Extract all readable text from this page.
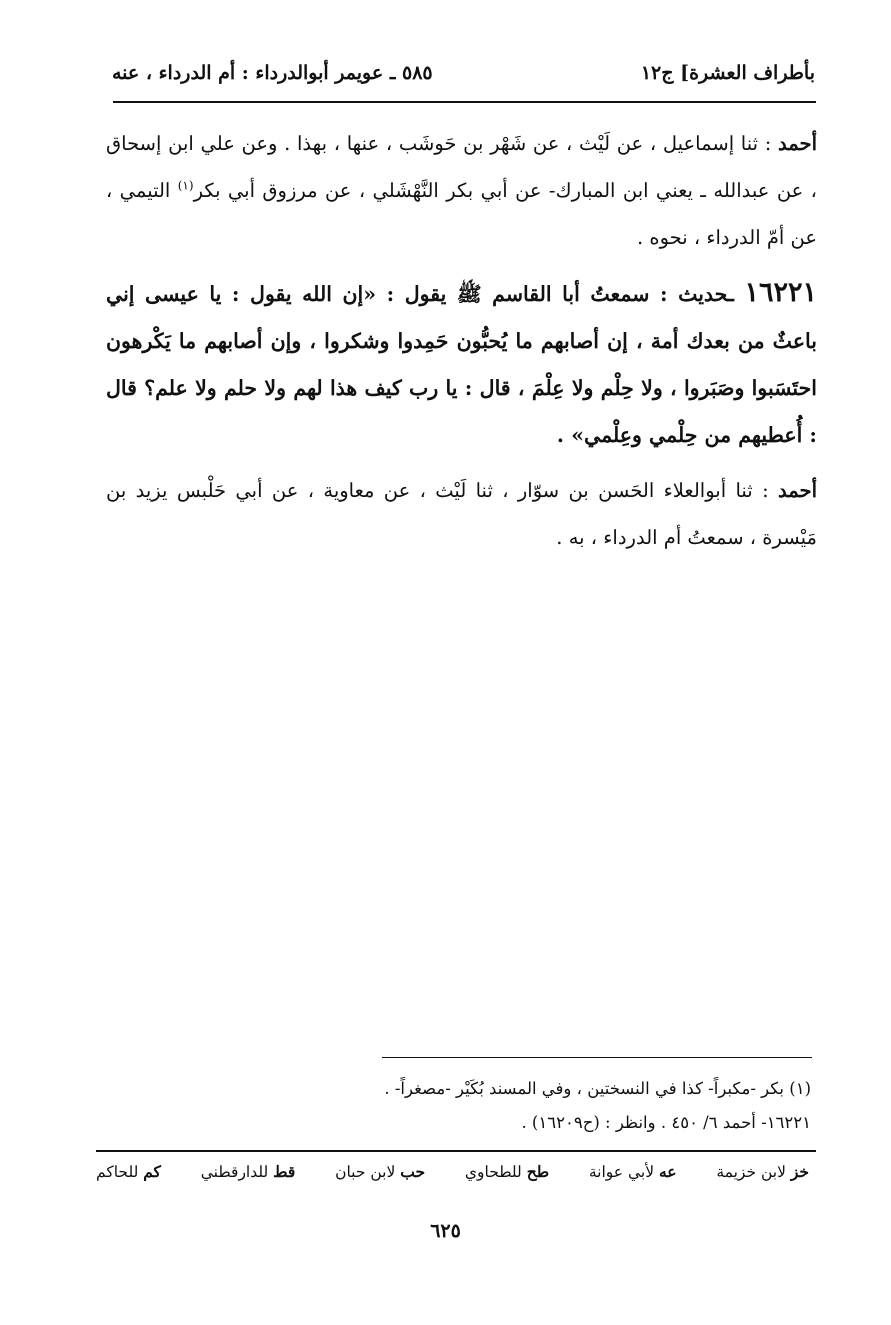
بأطراف العشرة] ج١٢
٥٨٥ ـ عويمر أبوالدرداء : أم الدرداء ، عنه

أحمد : ثنا إسماعيل ، عن لَيْث ، عن شَهْر بن حَوشَب ، عنها ، بهذا . وعن علي ابن إسحاق ، عن عبدالله ـ يعني ابن المبارك- عن أبي بكر النَّهْشَلي ، عن مرزوق أبي بكر$^{(١)}$ التيمي ، عن أمّ الدرداء ، نحوه .

١٦٢٢١ ـحديث : سمعتُ أبا القاسم ﷺ يقول : «إن الله يقول : يا عيسى إني باعثٌ من بعدك أمة ، إن أصابهم ما يُحبُّون حَمِدوا وشكروا ، وإن أصابهم ما يَكْرهون احتَسَبوا وصَبَروا ، ولا حِلْم ولا عِلْمَ ، قال : يا رب كيف هذا لهم ولا حلم ولا علم؟ قال : أُعطيهم من حِلْمي وعِلْمي» .

أحمد : ثنا أبوالعلاء الحَسن بن سوّار ، ثنا لَيْث ، عن معاوية ، عن أبي حَلْبس يزيد بن مَيْسرة ، سمعتُ أم الدرداء ، به .

(١) بكر -مكبراً- كذا في النسختين ، وفي المسند بُكَيْر -مصغراً- .
١٦٢٢١- أحمد ٦/ ٤٥٠ . وانظر : (ح١٦٢٠٩) .
خز لابن خزيمة
عه لأبي عوانة
طح للطحاوي
حب لابن حبان
قط للدارقطني
كم للحاكم
٦٢٥
